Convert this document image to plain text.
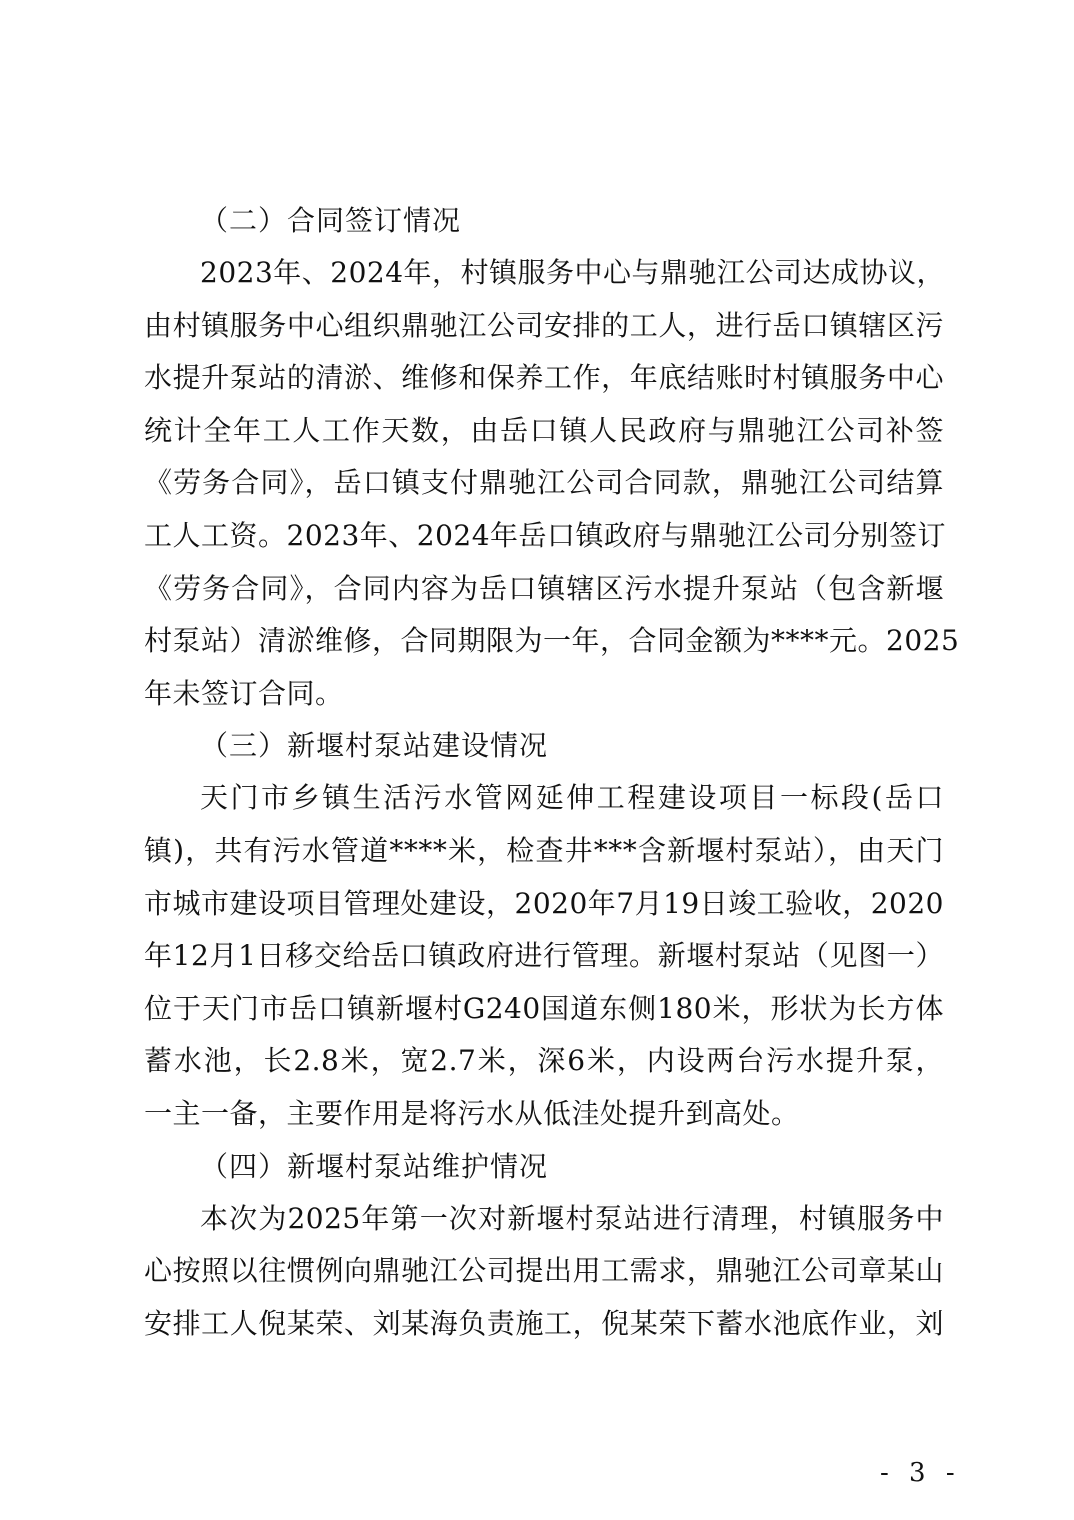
（二）合同签订情况

2023年、2024年，村镇服务中心与鼎驰江公司达成协议，

由村镇服务中心组织鼎驰江公司安排的工人，进行岳口镇辖区污

水提升泵站的清淤、维修和保养工作，年底结账时村镇服务中心

统计全年工人工作天数，由岳口镇人民政府与鼎驰江公司补签

《劳务合同》，岳口镇支付鼎驰江公司合同款，鼎驰江公司结算

工人工资。2023年、2024年岳口镇政府与鼎驰江公司分别签订

《劳务合同》，合同内容为岳口镇辖区污水提升泵站（包含新堰

村泵站）清淤维修，合同期限为一年，合同金额为****元。2025

年未签订合同。

（三）新堰村泵站建设情况

天门市乡镇生活污水管网延伸工程建设项目一标段(岳口

镇)，共有污水管道****米，检查井***含新堰村泵站），由天门

市城市建设项目管理处建设，2020年7月19日竣工验收，2020

年12月1日移交给岳口镇政府进行管理。新堰村泵站（见图一）

位于天门市岳口镇新堰村G240国道东侧180米，形状为长方体

蓄水池，长2.8米，宽2.7米，深6米，内设两台污水提升泵，

一主一备，主要作用是将污水从低洼处提升到高处。

（四）新堰村泵站维护情况

本次为2025年第一次对新堰村泵站进行清理，村镇服务中

心按照以往惯例向鼎驰江公司提出用工需求，鼎驰江公司章某山

安排工人倪某荣、刘某海负责施工，倪某荣下蓄水池底作业，刘

- 3 -
